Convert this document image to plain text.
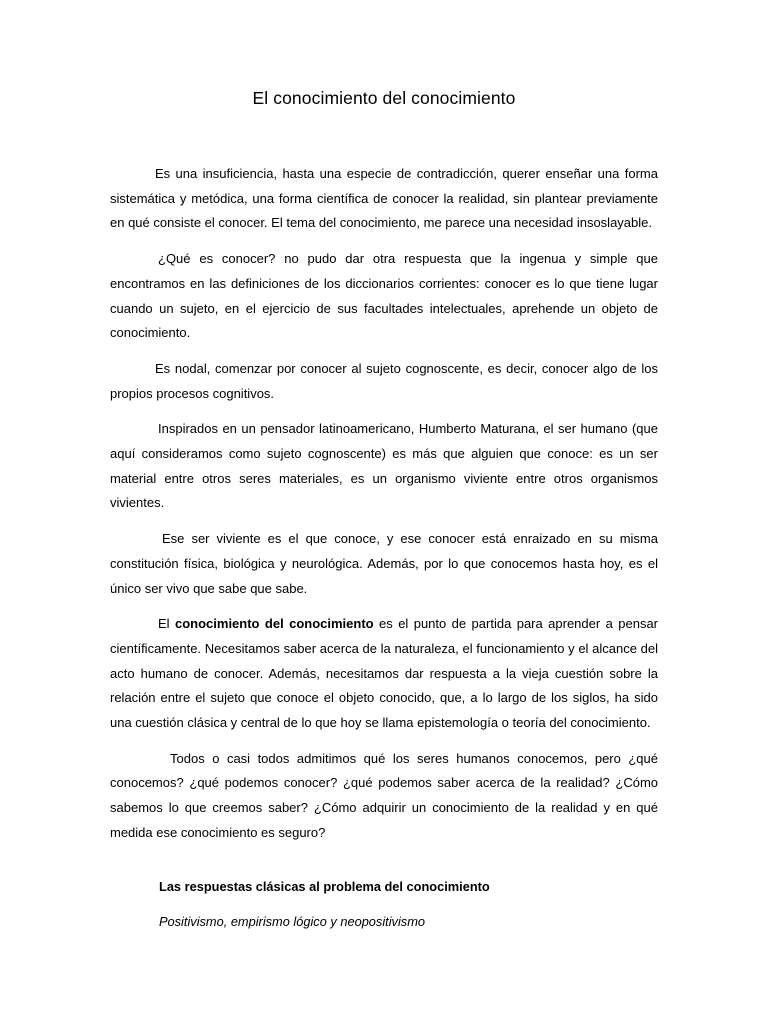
El conocimiento del conocimiento

Es una insuficiencia, hasta una especie de contradicción, querer enseñar una forma sistemática y metódica, una forma científica de conocer la realidad, sin plantear previamente en qué consiste el conocer. El tema del conocimiento, me parece una necesidad insoslayable.

¿Qué es conocer? no pudo dar otra respuesta que la ingenua y simple que encontramos en las definiciones de los diccionarios corrientes: conocer es lo que tiene lugar cuando un sujeto, en el ejercicio de sus facultades intelectuales, aprehende un objeto de conocimiento.

Es nodal, comenzar por conocer al sujeto cognoscente, es decir, conocer algo de los propios procesos cognitivos.

Inspirados en un pensador latinoamericano, Humberto Maturana, el ser humano (que aquí consideramos como sujeto cognoscente) es más que alguien que conoce: es un ser material entre otros seres materiales, es un organismo viviente entre otros organismos vivientes.

Ese ser viviente es el que conoce, y ese conocer está enraizado en su misma constitución física, biológica y neurológica. Además, por lo que conocemos hasta hoy, es el único ser vivo que sabe que sabe.

El conocimiento del conocimiento es el punto de partida para aprender a pensar científicamente. Necesitamos saber acerca de la naturaleza, el funcionamiento y el alcance del acto humano de conocer. Además, necesitamos dar respuesta a la vieja cuestión sobre la relación entre el sujeto que conoce el objeto conocido, que, a lo largo de los siglos, ha sido una cuestión clásica y central de lo que hoy se llama epistemología o teoría del conocimiento.

Todos o casi todos admitimos qué los seres humanos conocemos, pero ¿qué conocemos? ¿qué podemos conocer? ¿qué podemos saber acerca de la realidad? ¿Cómo sabemos lo que creemos saber? ¿Cómo adquirir un conocimiento de la realidad y en qué medida ese conocimiento es seguro?

Las respuestas clásicas al problema del conocimiento

Positivismo, empirismo lógico y neopositivismo
